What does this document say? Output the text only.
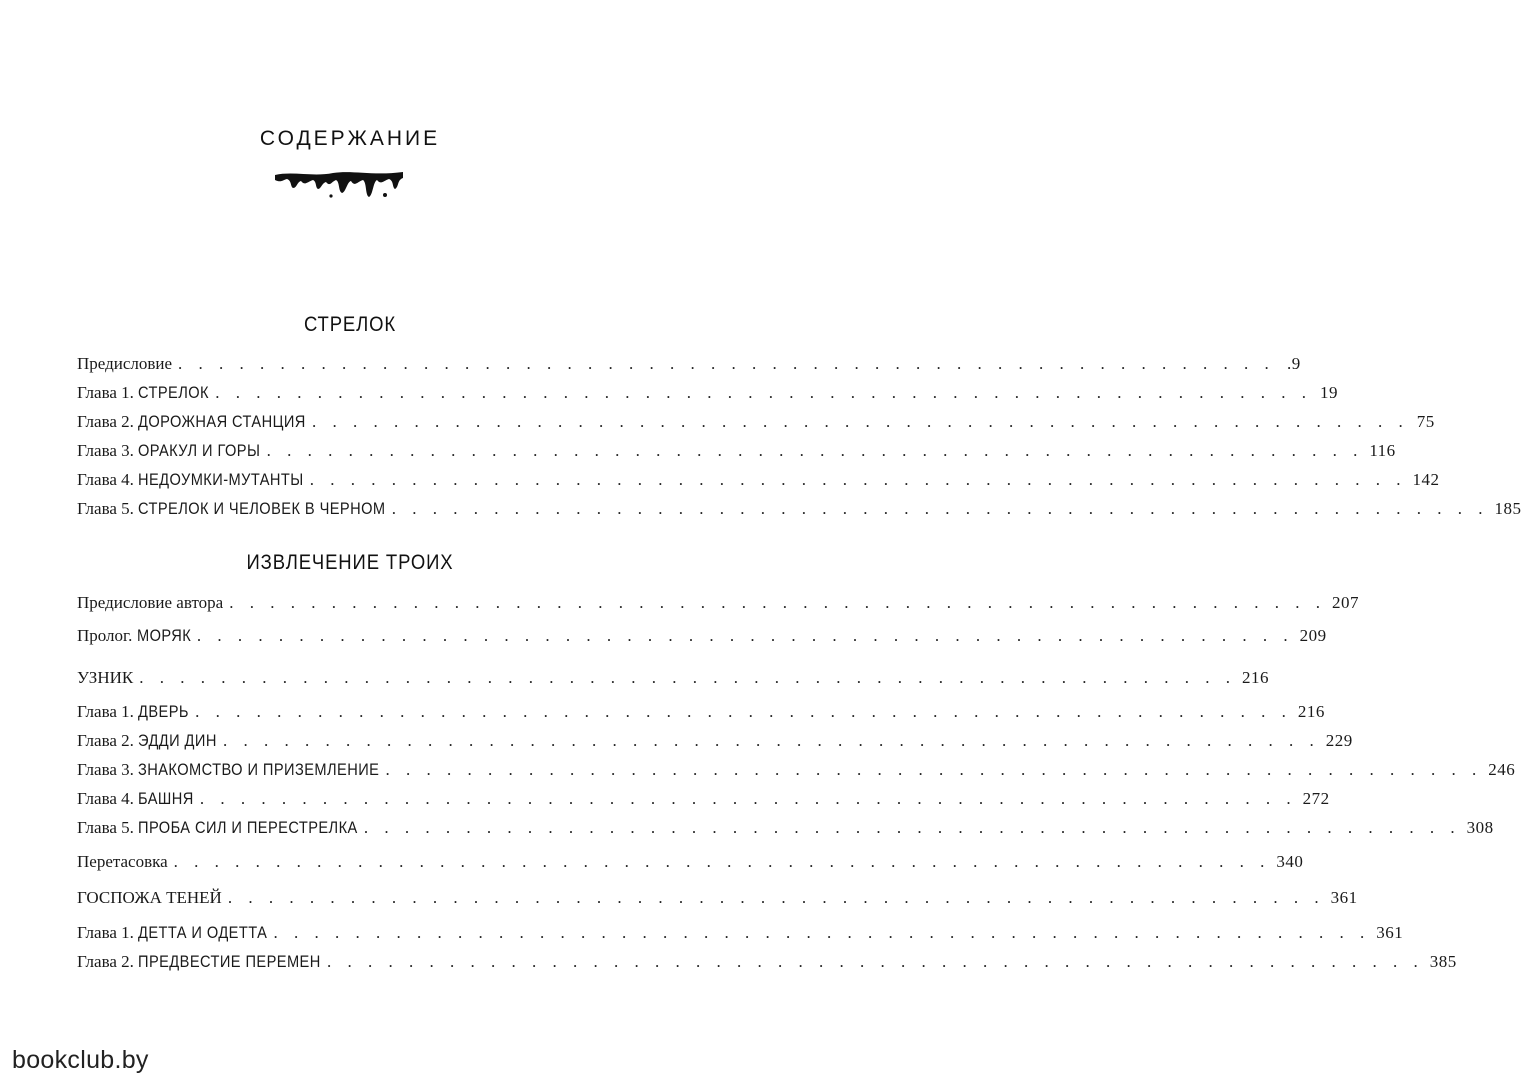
СОДЕРЖАНИЕ
СТРЕЛОК
Предисловие . . . . . . . . . . . . . . . . . . . . . . . . . . . . . . . . . . . . . . . . . . . . . . . . . . . . . . .9
Глава 1. СТРЕЛОК . . . . . . . . . . . . . . . . . . . . . . . . . . . . . . . . . . . . . . . . . . . . . . . . . . . . . . 19
Глава 2. ДОРОЖНАЯ СТАНЦИЯ . . . . . . . . . . . . . . . . . . . . . . . . . . . . . . . . . . . . . . . . . . . . . . . . . . . . . . 75
Глава 3. ОРАКУЛ И ГОРЫ . . . . . . . . . . . . . . . . . . . . . . . . . . . . . . . . . . . . . . . . . . . . . . . . . . . . . . 116
Глава 4. НЕДОУМКИ-МУТАНТЫ . . . . . . . . . . . . . . . . . . . . . . . . . . . . . . . . . . . . . . . . . . . . . . . . . . . . . . 142
Глава 5. СТРЕЛОК И ЧЕЛОВЕК В ЧЕРНОМ . . . . . . . . . . . . . . . . . . . . . . . . . . . . . . . . . . . . . . . . . . . . . . . . . . . . . . 185
ИЗВЛЕЧЕНИЕ ТРОИХ
Предисловие автора . . . . . . . . . . . . . . . . . . . . . . . . . . . . . . . . . . . . . . . . . . . . . . . . . . . . . . 207
Пролог. МОРЯК . . . . . . . . . . . . . . . . . . . . . . . . . . . . . . . . . . . . . . . . . . . . . . . . . . . . . . 209
УЗНИК . . . . . . . . . . . . . . . . . . . . . . . . . . . . . . . . . . . . . . . . . . . . . . . . . . . . . . 216
Глава 1. ДВЕРЬ . . . . . . . . . . . . . . . . . . . . . . . . . . . . . . . . . . . . . . . . . . . . . . . . . . . . . . 216
Глава 2. ЭДДИ ДИН . . . . . . . . . . . . . . . . . . . . . . . . . . . . . . . . . . . . . . . . . . . . . . . . . . . . . . 229
Глава 3. ЗНАКОМСТВО И ПРИЗЕМЛЕНИЕ . . . . . . . . . . . . . . . . . . . . . . . . . . . . . . . . . . . . . . . . . . . . . . . . . . . . . . 246
Глава 4. БАШНЯ . . . . . . . . . . . . . . . . . . . . . . . . . . . . . . . . . . . . . . . . . . . . . . . . . . . . . . 272
Глава 5. ПРОБА СИЛ И ПЕРЕСТРЕЛКА . . . . . . . . . . . . . . . . . . . . . . . . . . . . . . . . . . . . . . . . . . . . . . . . . . . . . . 308
Перетасовка . . . . . . . . . . . . . . . . . . . . . . . . . . . . . . . . . . . . . . . . . . . . . . . . . . . . . . 340
ГОСПОЖА ТЕНЕЙ . . . . . . . . . . . . . . . . . . . . . . . . . . . . . . . . . . . . . . . . . . . . . . . . . . . . . . 361
Глава 1. ДЕТТА И ОДЕТТА . . . . . . . . . . . . . . . . . . . . . . . . . . . . . . . . . . . . . . . . . . . . . . . . . . . . . . 361
Глава 2. ПРЕДВЕСТИЕ ПЕРЕМЕН . . . . . . . . . . . . . . . . . . . . . . . . . . . . . . . . . . . . . . . . . . . . . . . . . . . . . . 385
bookclub.by
